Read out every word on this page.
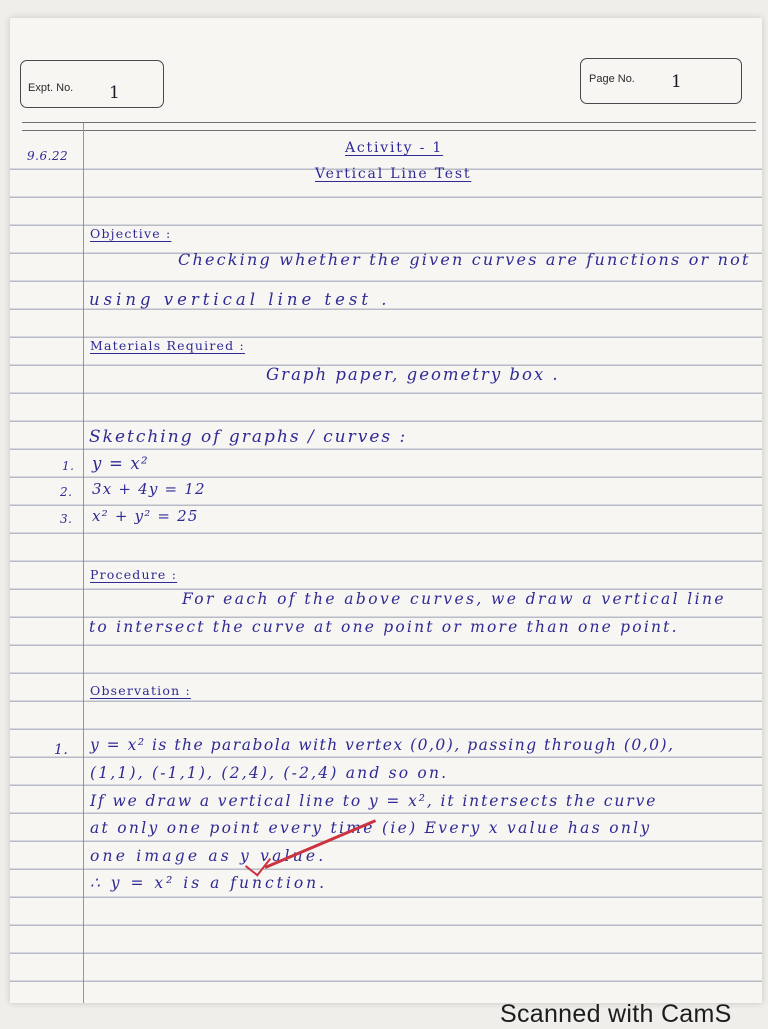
Expt. No. 1
Page No. 1
9.6.22	Activity - 1
Vertical Line Test
Objective :
Checking whether the given curves are functions or not
using vertical line test .
Materials Required :
Graph paper, geometry box .
Sketching of graphs / curves :
1. y = x²
2. 3x + 4y = 12
3. x² + y² = 25
Procedure :
For each of the above curves, we draw a vertical line
to intersect the curve at one point or more than one point.
Observation :
1. y = x² is the parabola with vertex (0,0), passing through (0,0),
(1,1), (-1,1), (2,4), (-2,4) and so on.
If we draw a vertical line to y = x², it intersects the curve
at only one point every time (ie) Every x value has only
one image as y value.
∴ y = x² is a function.
Scanned with CamS
